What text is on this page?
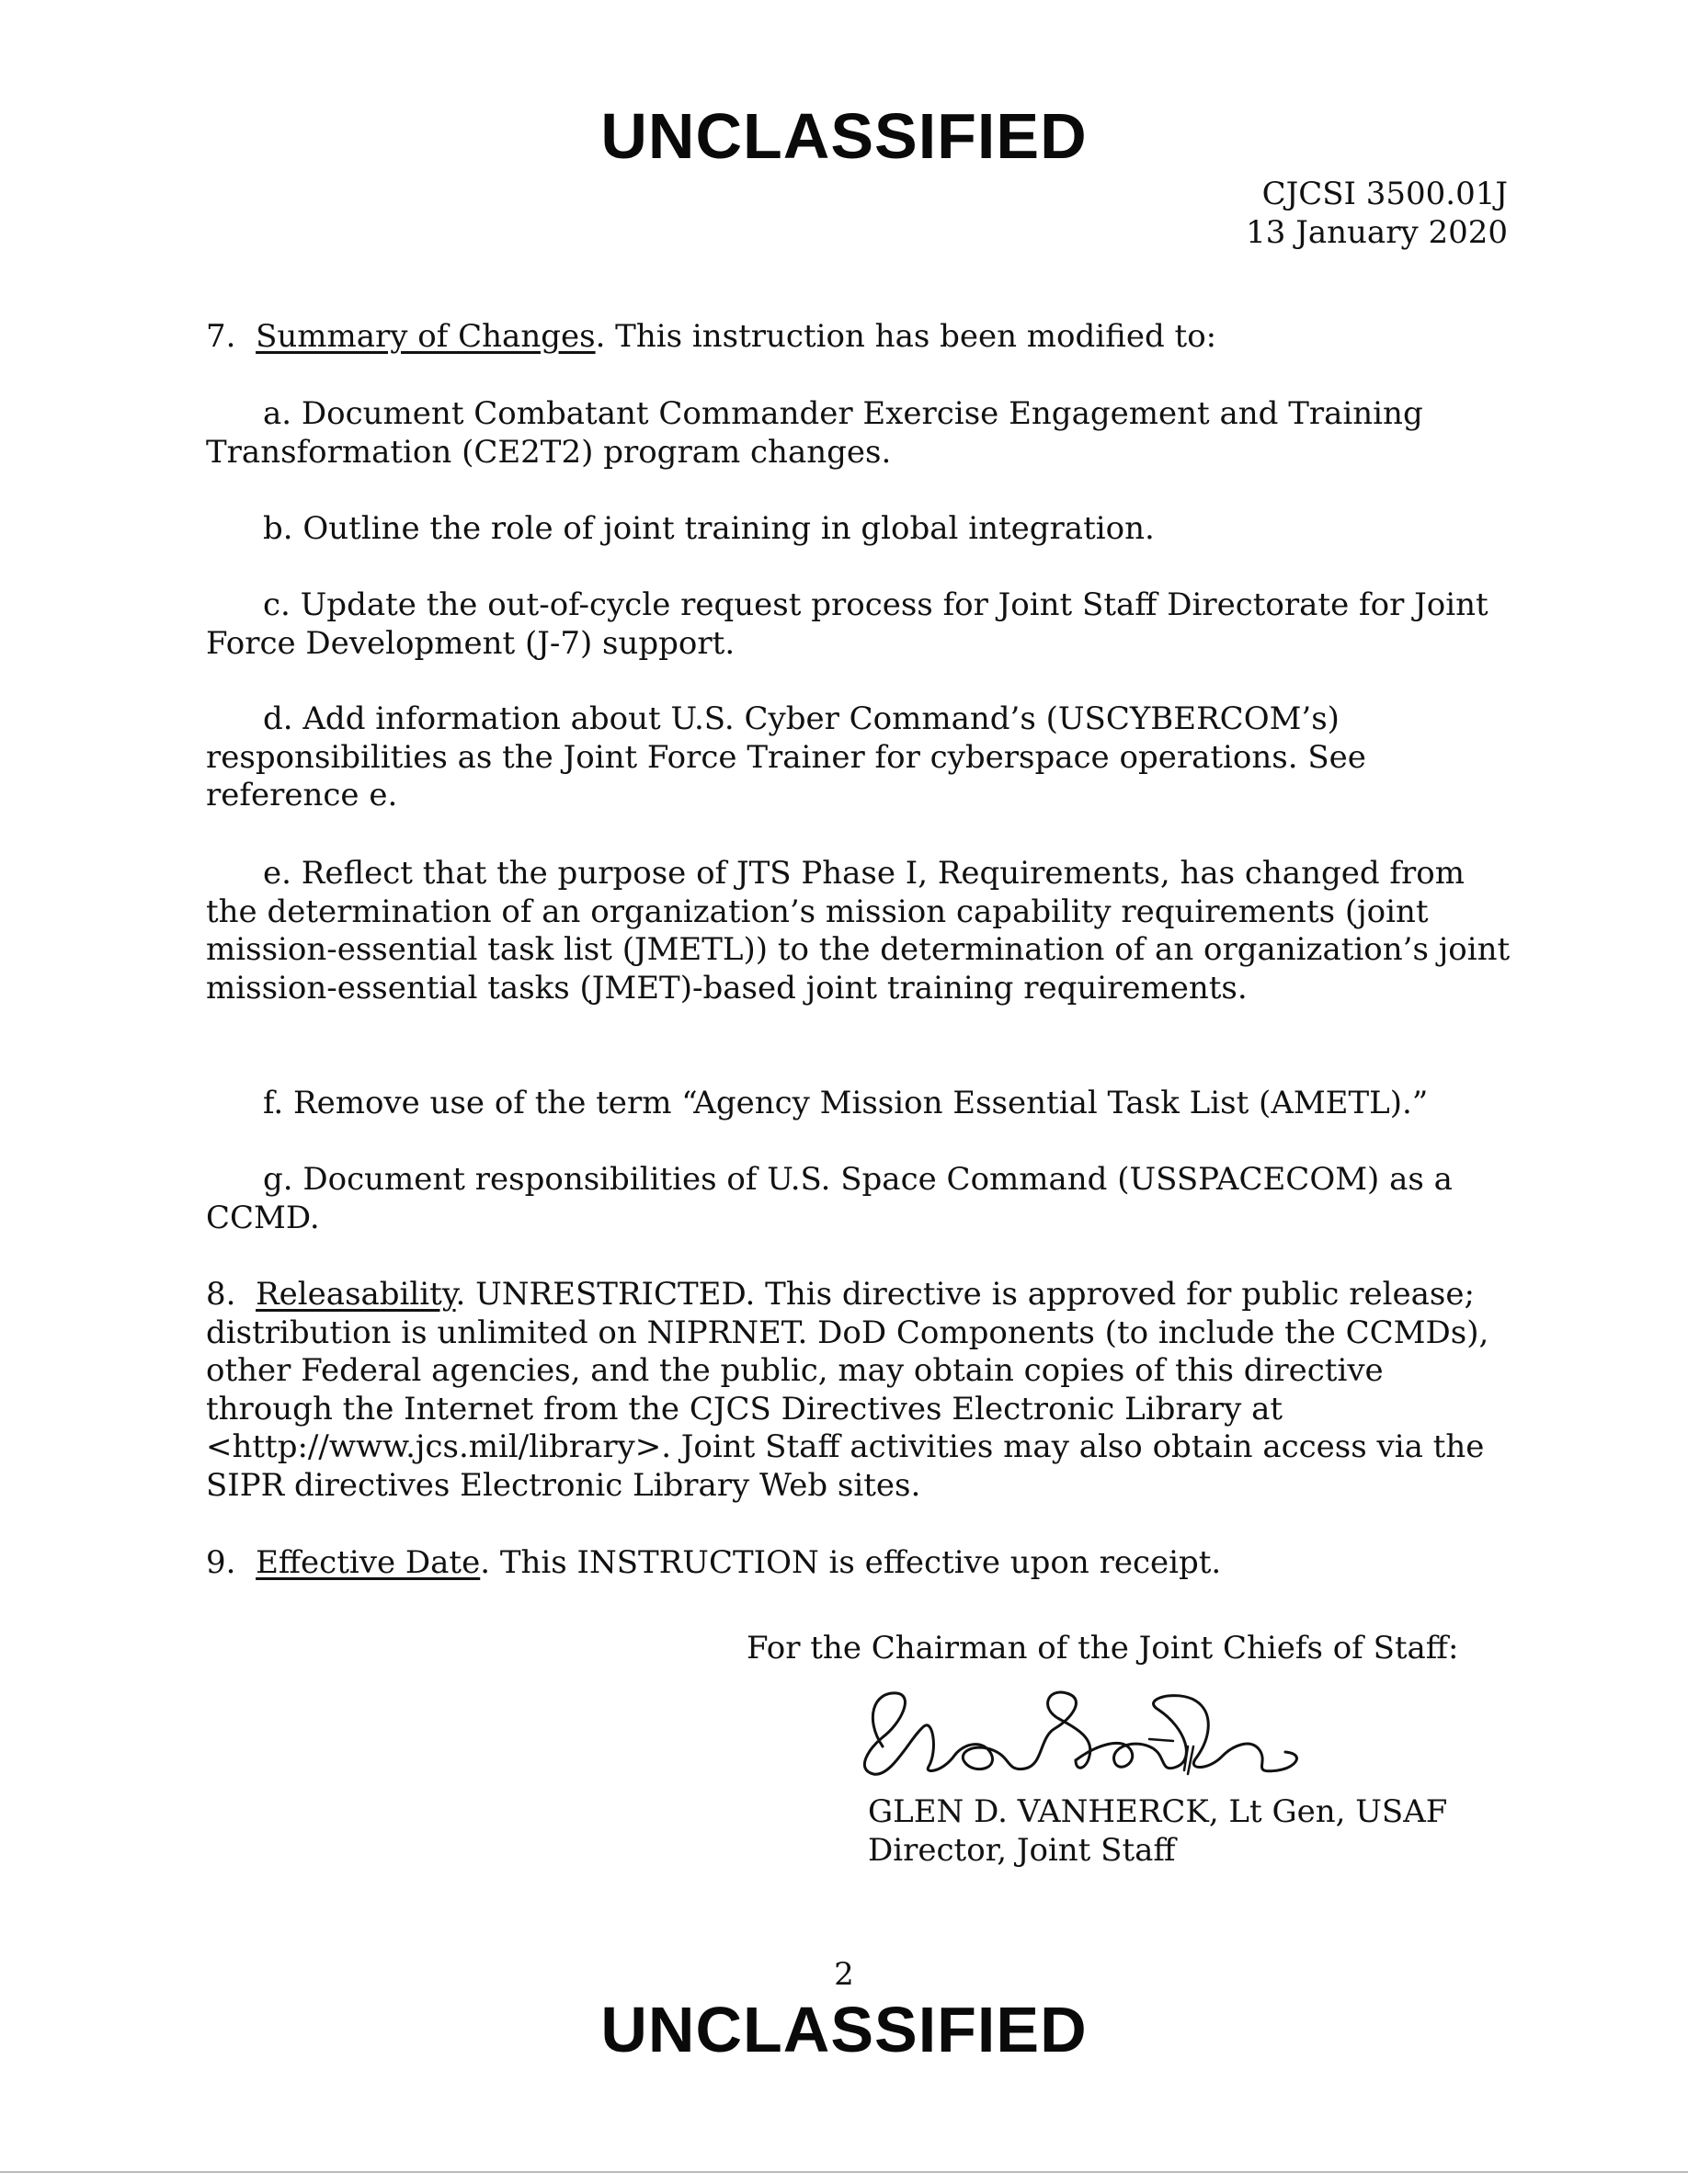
UNCLASSIFIED
CJCSI 3500.01J
13 January 2020

7. Summary of Changes. This instruction has been modified to:

a. Document Combatant Commander Exercise Engagement and Training Transformation (CE2T2) program changes.

b. Outline the role of joint training in global integration.

c. Update the out-of-cycle request process for Joint Staff Directorate for Joint Force Development (J-7) support.

d. Add information about U.S. Cyber Command’s (USCYBERCOM’s) responsibilities as the Joint Force Trainer for cyberspace operations. See reference e.

e. Reflect that the purpose of JTS Phase I, Requirements, has changed from the determination of an organization’s mission capability requirements (joint mission-essential task list (JMETL)) to the determination of an organization’s joint mission-essential tasks (JMET)-based joint training requirements.

f. Remove use of the term “Agency Mission Essential Task List (AMETL).”

g. Document responsibilities of U.S. Space Command (USSPACECOM) as a CCMD.

8. Releasability. UNRESTRICTED. This directive is approved for public release; distribution is unlimited on NIPRNET. DoD Components (to include the CCMDs), other Federal agencies, and the public, may obtain copies of this directive through the Internet from the CJCS Directives Electronic Library at <http://www.jcs.mil/library>. Joint Staff activities may also obtain access via the SIPR directives Electronic Library Web sites.

9. Effective Date. This INSTRUCTION is effective upon receipt.

For the Chairman of the Joint Chiefs of Staff:
GLEN D. VANHERCK, Lt Gen, USAF
Director, Joint Staff
2
UNCLASSIFIED
